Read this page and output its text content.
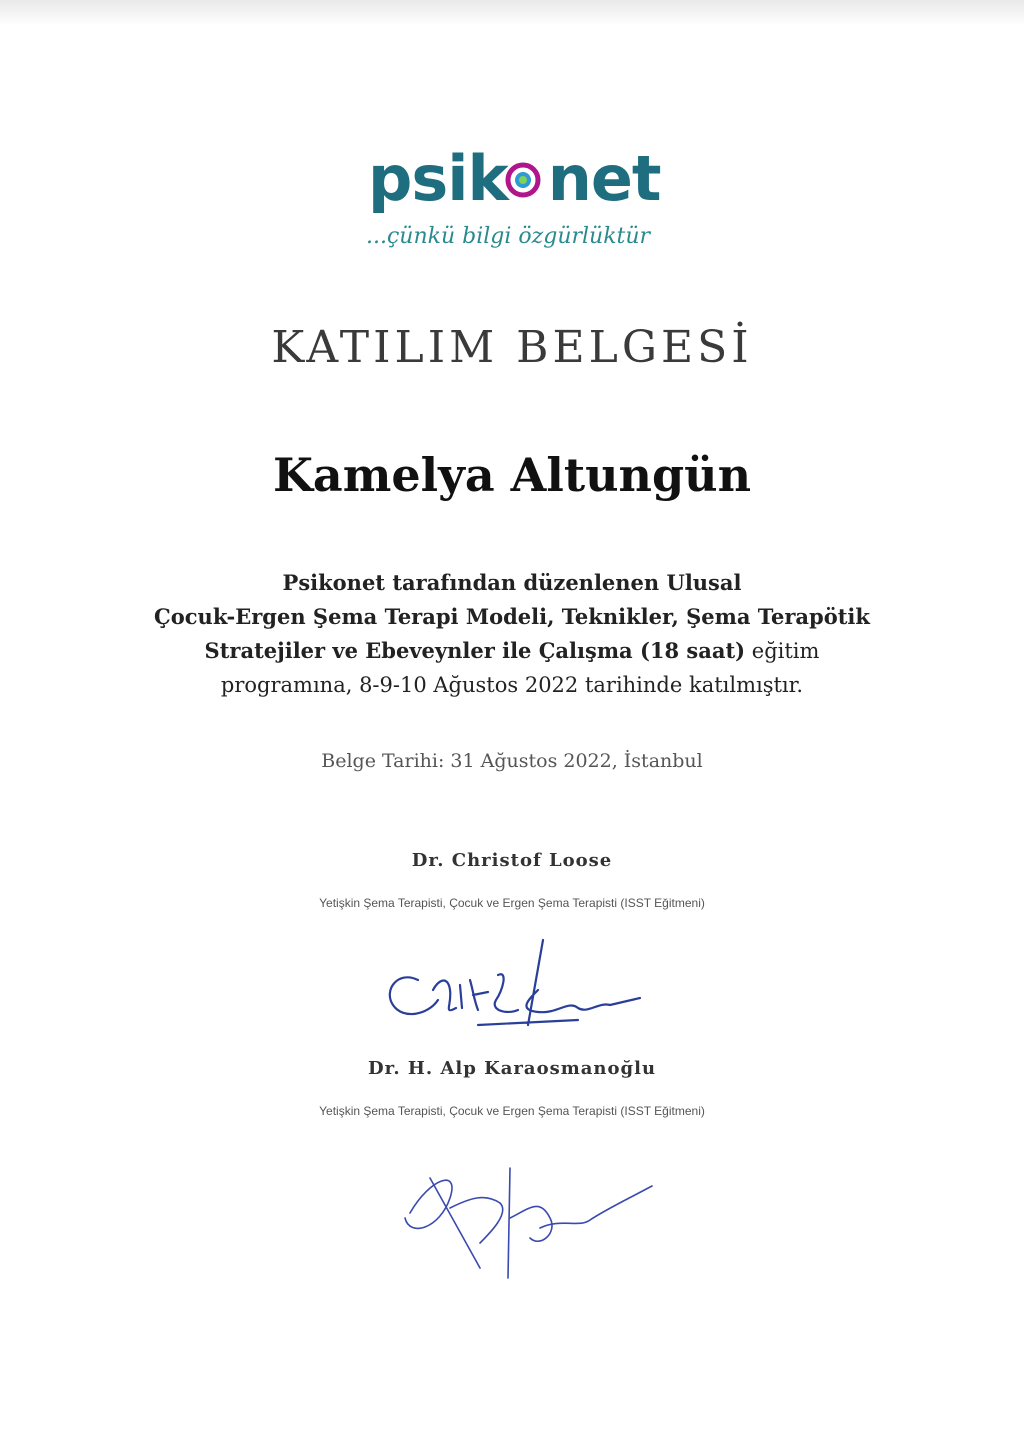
psik net
...çünkü bilgi özgürlüktür
KATILIM BELGESİ
Kamelya Altungün
Psikonet tarafından düzenlenen Ulusal
Çocuk-Ergen Şema Terapi Modeli, Teknikler, Şema Terapötik
Stratejiler ve Ebeveynler ile Çalışma (18 saat) eğitim
programına, 8-9-10 Ağustos 2022 tarihinde katılmıştır.
Belge Tarihi: 31 Ağustos 2022, İstanbul
Dr. Christof Loose
Yetişkin Şema Terapisti, Çocuk ve Ergen Şema Terapisti (ISST Eğitmeni)
Dr. H. Alp Karaosmanoğlu
Yetişkin Şema Terapisti, Çocuk ve Ergen Şema Terapisti (ISST Eğitmeni)
